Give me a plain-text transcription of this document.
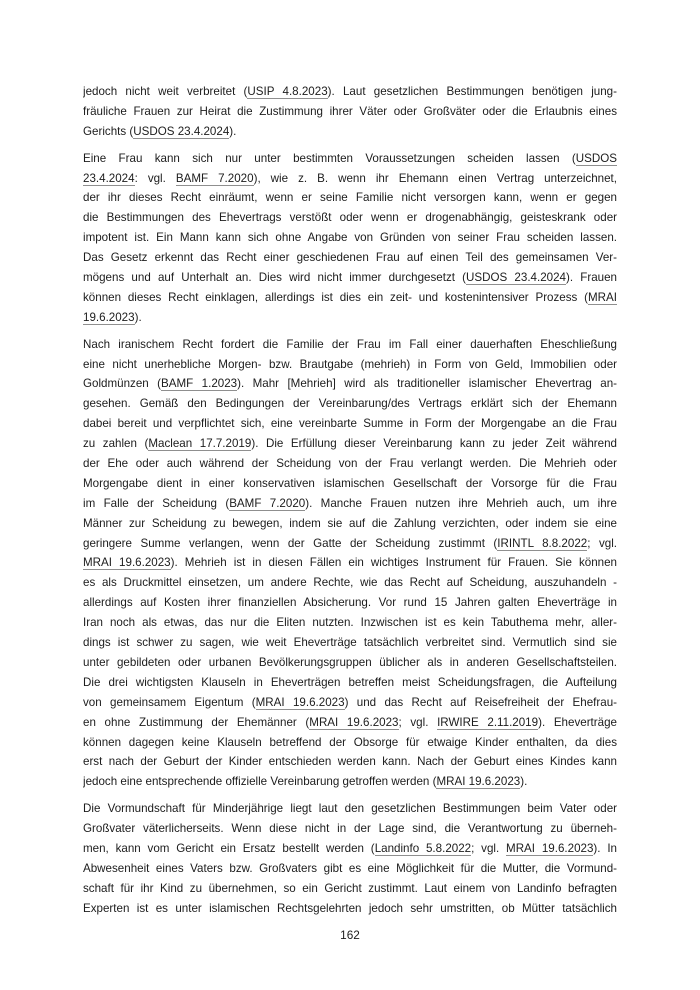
jedoch nicht weit verbreitet (USIP 4.8.2023). Laut gesetzlichen Bestimmungen benötigen jung-
fräuliche Frauen zur Heirat die Zustimmung ihrer Väter oder Großväter oder die Erlaubnis eines
Gerichts (USDOS 23.4.2024).
Eine Frau kann sich nur unter bestimmten Voraussetzungen scheiden lassen (USDOS
23.4.2024: vgl. BAMF 7.2020), wie z. B. wenn ihr Ehemann einen Vertrag unterzeichnet,
der ihr dieses Recht einräumt, wenn er seine Familie nicht versorgen kann, wenn er gegen
die Bestimmungen des Ehevertrags verstößt oder wenn er drogenabhängig, geisteskrank oder
impotent ist. Ein Mann kann sich ohne Angabe von Gründen von seiner Frau scheiden lassen.
Das Gesetz erkennt das Recht einer geschiedenen Frau auf einen Teil des gemeinsamen Ver-
mögens und auf Unterhalt an. Dies wird nicht immer durchgesetzt (USDOS 23.4.2024). Frauen
können dieses Recht einklagen, allerdings ist dies ein zeit- und kostenintensiver Prozess (MRAI
19.6.2023).
Nach iranischem Recht fordert die Familie der Frau im Fall einer dauerhaften Eheschließung
eine nicht unerhebliche Morgen- bzw. Brautgabe (mehrieh) in Form von Geld, Immobilien oder
Goldmünzen (BAMF 1.2023). Mahr [Mehrieh] wird als traditioneller islamischer Ehevertrag an-
gesehen. Gemäß den Bedingungen der Vereinbarung/des Vertrags erklärt sich der Ehemann
dabei bereit und verpflichtet sich, eine vereinbarte Summe in Form der Morgengabe an die Frau
zu zahlen (Maclean 17.7.2019). Die Erfüllung dieser Vereinbarung kann zu jeder Zeit während
der Ehe oder auch während der Scheidung von der Frau verlangt werden. Die Mehrieh oder
Morgengabe dient in einer konservativen islamischen Gesellschaft der Vorsorge für die Frau
im Falle der Scheidung (BAMF 7.2020). Manche Frauen nutzen ihre Mehrieh auch, um ihre
Männer zur Scheidung zu bewegen, indem sie auf die Zahlung verzichten, oder indem sie eine
geringere Summe verlangen, wenn der Gatte der Scheidung zustimmt (IRINTL 8.8.2022; vgl.
MRAI 19.6.2023). Mehrieh ist in diesen Fällen ein wichtiges Instrument für Frauen. Sie können
es als Druckmittel einsetzen, um andere Rechte, wie das Recht auf Scheidung, auszuhandeln -
allerdings auf Kosten ihrer finanziellen Absicherung. Vor rund 15 Jahren galten Eheverträge in
Iran noch als etwas, das nur die Eliten nutzten. Inzwischen ist es kein Tabuthema mehr, aller-
dings ist schwer zu sagen, wie weit Eheverträge tatsächlich verbreitet sind. Vermutlich sind sie
unter gebildeten oder urbanen Bevölkerungsgruppen üblicher als in anderen Gesellschaftsteilen.
Die drei wichtigsten Klauseln in Eheverträgen betreffen meist Scheidungsfragen, die Aufteilung
von gemeinsamem Eigentum (MRAI 19.6.2023) und das Recht auf Reisefreiheit der Ehefrau-
en ohne Zustimmung der Ehemänner (MRAI 19.6.2023; vgl. IRWIRE 2.11.2019). Eheverträge
können dagegen keine Klauseln betreffend der Obsorge für etwaige Kinder enthalten, da dies
erst nach der Geburt der Kinder entschieden werden kann. Nach der Geburt eines Kindes kann
jedoch eine entsprechende offizielle Vereinbarung getroffen werden (MRAI 19.6.2023).
Die Vormundschaft für Minderjährige liegt laut den gesetzlichen Bestimmungen beim Vater oder
Großvater väterlicherseits. Wenn diese nicht in der Lage sind, die Verantwortung zu überneh-
men, kann vom Gericht ein Ersatz bestellt werden (Landinfo 5.8.2022; vgl. MRAI 19.6.2023). In
Abwesenheit eines Vaters bzw. Großvaters gibt es eine Möglichkeit für die Mutter, die Vormund-
schaft für ihr Kind zu übernehmen, so ein Gericht zustimmt. Laut einem von Landinfo befragten
Experten ist es unter islamischen Rechtsgelehrten jedoch sehr umstritten, ob Mütter tatsächlich
162
